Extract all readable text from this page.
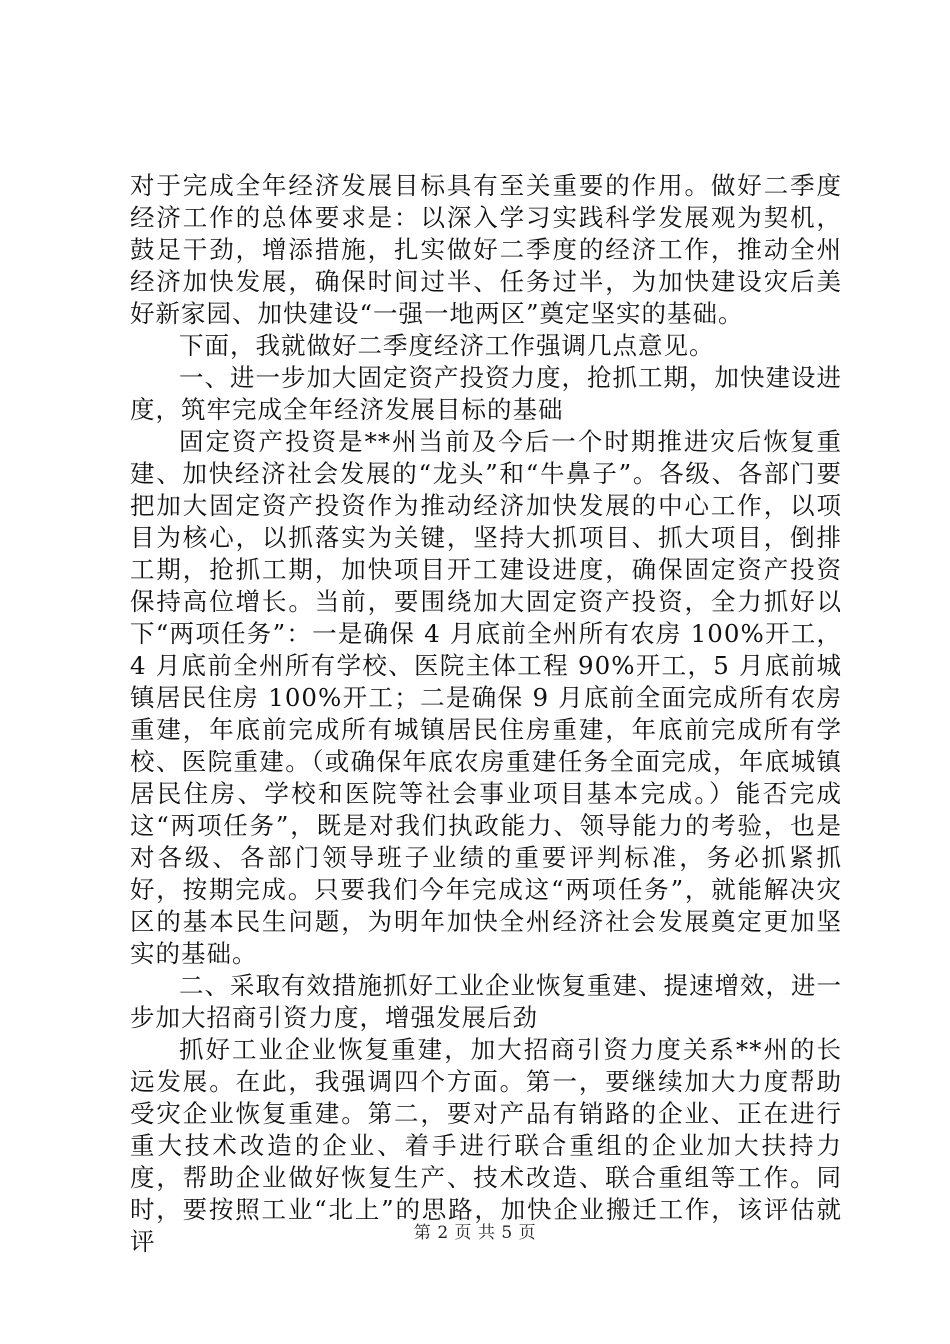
对于完成全年经济发展目标具有至关重要的作用。做好二季度经济工作的总体要求是：以深入学习实践科学发展观为契机，鼓足干劲，增添措施，扎实做好二季度的经济工作，推动全州经济加快发展，确保时间过半、任务过半，为加快建设灾后美好新家园、加快建设“一强一地两区”奠定坚实的基础。

下面，我就做好二季度经济工作强调几点意见。

一、进一步加大固定资产投资力度，抢抓工期，加快建设进度，筑牢完成全年经济发展目标的基础

固定资产投资是**州当前及今后一个时期推进灾后恢复重建、加快经济社会发展的“龙头”和“牛鼻子”。各级、各部门要把加大固定资产投资作为推动经济加快发展的中心工作，以项目为核心，以抓落实为关键，坚持大抓项目、抓大项目，倒排工期，抢抓工期，加快项目开工建设进度，确保固定资产投资保持高位增长。当前，要围绕加大固定资产投资，全力抓好以下“两项任务”：一是确保 4 月底前全州所有农房 100%开工，4 月底前全州所有学校、医院主体工程 90%开工，5 月底前城镇居民住房 100%开工；二是确保 9 月底前全面完成所有农房重建，年底前完成所有城镇居民住房重建，年底前完成所有学校、医院重建。（或确保年底农房重建任务全面完成，年底城镇居民住房、学校和医院等社会事业项目基本完成。）能否完成这“两项任务”，既是对我们执政能力、领导能力的考验，也是对各级、各部门领导班子业绩的重要评判标准，务必抓紧抓好，按期完成。只要我们今年完成这“两项任务”，就能解决灾区的基本民生问题，为明年加快全州经济社会发展奠定更加坚实的基础。

二、采取有效措施抓好工业企业恢复重建、提速增效，进一步加大招商引资力度，增强发展后劲

抓好工业企业恢复重建，加大招商引资力度关系**州的长远发展。在此，我强调四个方面。第一，要继续加大力度帮助受灾企业恢复重建。第二，要对产品有销路的企业、正在进行重大技术改造的企业、着手进行联合重组的企业加大扶持力度，帮助企业做好恢复生产、技术改造、联合重组等工作。同时，要按照工业“北上”的思路，加快企业搬迁工作，该评估就评	第 2 页 共 5 页
